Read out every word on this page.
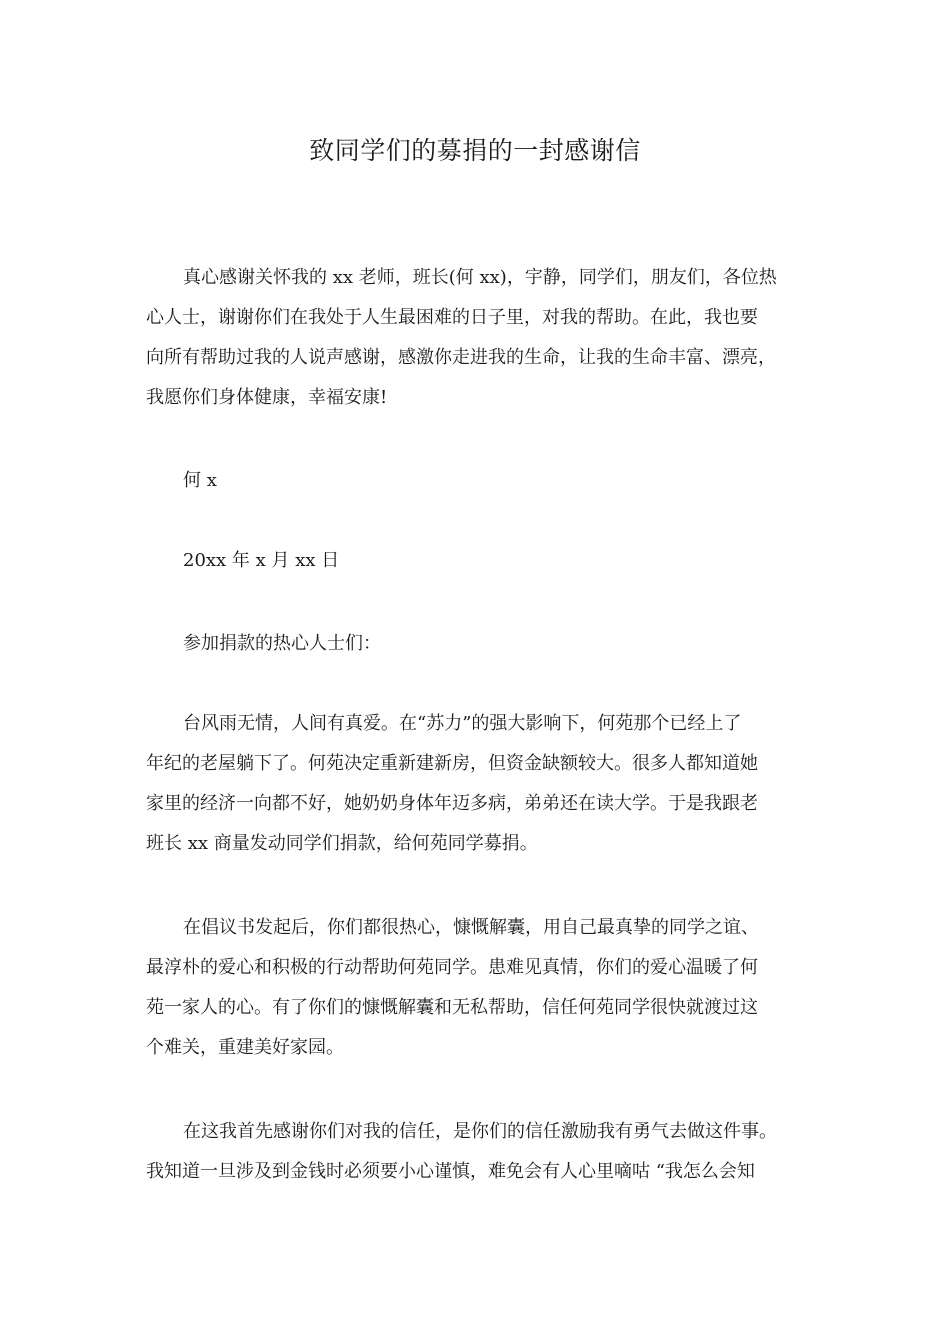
致同学们的募捐的一封感谢信
真心感谢关怀我的 xx 老师，班长(何 xx)，宇静，同学们，朋友们，各位热
心人士，谢谢你们在我处于人生最困难的日子里，对我的帮助。在此，我也要
向所有帮助过我的人说声感谢，感激你走进我的生命，让我的生命丰富、漂亮，
我愿你们身体健康，幸福安康!
何 x
20xx 年 x 月 xx 日
参加捐款的热心人士们：
台风雨无情，人间有真爱。在“苏力”的强大影响下，何苑那个已经上了
年纪的老屋躺下了。何苑决定重新建新房，但资金缺额较大。很多人都知道她
家里的经济一向都不好，她奶奶身体年迈多病，弟弟还在读大学。于是我跟老
班长 xx 商量发动同学们捐款，给何苑同学募捐。
在倡议书发起后，你们都很热心，慷慨解囊，用自己最真挚的同学之谊、
最淳朴的爱心和积极的行动帮助何苑同学。患难见真情，你们的爱心温暖了何
苑一家人的心。有了你们的慷慨解囊和无私帮助，信任何苑同学很快就渡过这
个难关，重建美好家园。
在这我首先感谢你们对我的信任，是你们的信任激励我有勇气去做这件事。
我知道一旦涉及到金钱时必须要小心谨慎，难免会有人心里嘀咕 “我怎么会知
